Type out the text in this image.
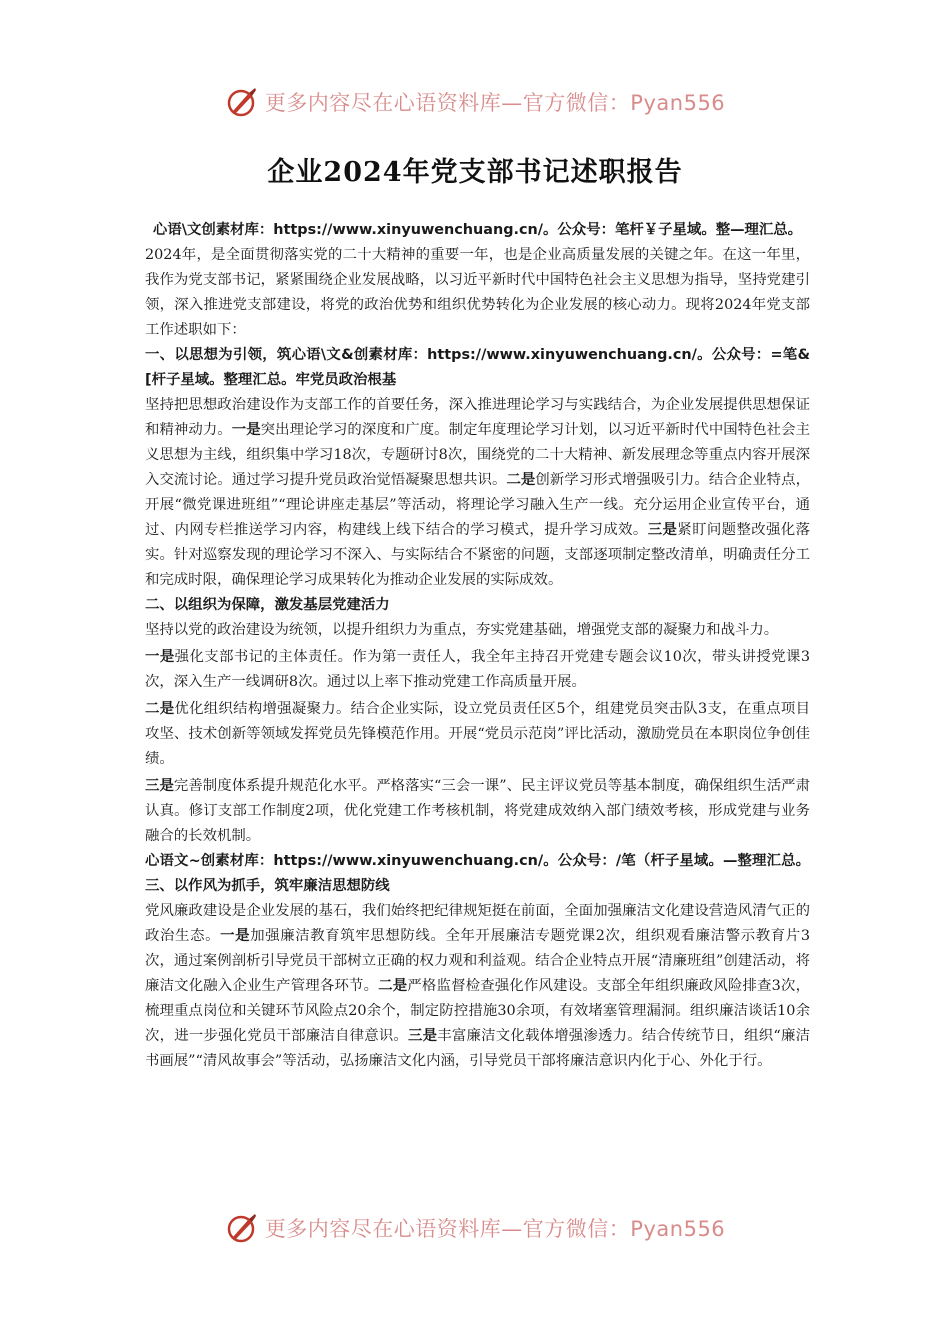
更多内容尽在心语资料库—官方微信：Pyan556
企业2024年党支部书记述职报告

心语\文创素材库：https://www.xinyuwenchuang.cn/。公众号：笔杆￥子星域。整—理汇总。

2024年，是全面贯彻落实党的二十大精神的重要一年，也是企业高质量发展的关键之年。在这一年里，我作为党支部书记，紧紧围绕企业发展战略，以习近平新时代中国特色社会主义思想为指导，坚持党建引领，深入推进党支部建设，将党的政治优势和组织优势转化为企业发展的核心动力。现将2024年党支部工作述职如下：

一、以思想为引领，筑心语\文&创素材库：https://www.xinyuwenchuang.cn/。公众号：=笔&[杆子星域。整理汇总。牢党员政治根基

坚持把思想政治建设作为支部工作的首要任务，深入推进理论学习与实践结合，为企业发展提供思想保证和精神动力。一是突出理论学习的深度和广度。制定年度理论学习计划，以习近平新时代中国特色社会主义思想为主线，组织集中学习18次，专题研讨8次，围绕党的二十大精神、新发展理念等重点内容开展深入交流讨论。通过学习提升党员政治觉悟凝聚思想共识。二是创新学习形式增强吸引力。结合企业特点，开展“微党课进班组”“理论讲座走基层”等活动，将理论学习融入生产一线。充分运用企业宣传平台，通过、内网专栏推送学习内容，构建线上线下结合的学习模式，提升学习成效。三是紧盯问题整改强化落实。针对巡察发现的理论学习不深入、与实际结合不紧密的问题，支部逐项制定整改清单，明确责任分工和完成时限，确保理论学习成果转化为推动企业发展的实际成效。

二、以组织为保障，激发基层党建活力

坚持以党的政治建设为统领，以提升组织力为重点，夯实党建基础，增强党支部的凝聚力和战斗力。

一是强化支部书记的主体责任。作为第一责任人，我全年主持召开党建专题会议10次，带头讲授党课3次，深入生产一线调研8次。通过以上率下推动党建工作高质量开展。

二是优化组织结构增强凝聚力。结合企业实际，设立党员责任区5个，组建党员突击队3支，在重点项目攻坚、技术创新等领域发挥党员先锋模范作用。开展“党员示范岗”评比活动，激励党员在本职岗位争创佳绩。

三是完善制度体系提升规范化水平。严格落实“三会一课”、民主评议党员等基本制度，确保组织生活严肃认真。修订支部工作制度2项，优化党建工作考核机制，将党建成效纳入部门绩效考核，形成党建与业务融合的长效机制。

心语文~创素材库：https://www.xinyuwenchuang.cn/。公众号：/笔（杆子星域。—整理汇总。三、以作风为抓手，筑牢廉洁思想防线

党风廉政建设是企业发展的基石，我们始终把纪律规矩挺在前面，全面加强廉洁文化建设营造风清气正的政治生态。一是加强廉洁教育筑牢思想防线。全年开展廉洁专题党课2次，组织观看廉洁警示教育片3次，通过案例剖析引导党员干部树立正确的权力观和利益观。结合企业特点开展“清廉班组”创建活动，将廉洁文化融入企业生产管理各环节。二是严格监督检查强化作风建设。支部全年组织廉政风险排查3次，梳理重点岗位和关键环节风险点20余个，制定防控措施30余项，有效堵塞管理漏洞。组织廉洁谈话10余次，进一步强化党员干部廉洁自律意识。三是丰富廉洁文化载体增强渗透力。结合传统节日，组织“廉洁书画展”“清风故事会”等活动，弘扬廉洁文化内涵，引导党员干部将廉洁意识内化于心、外化于行。

更多内容尽在心语资料库—官方微信：Pyan556
